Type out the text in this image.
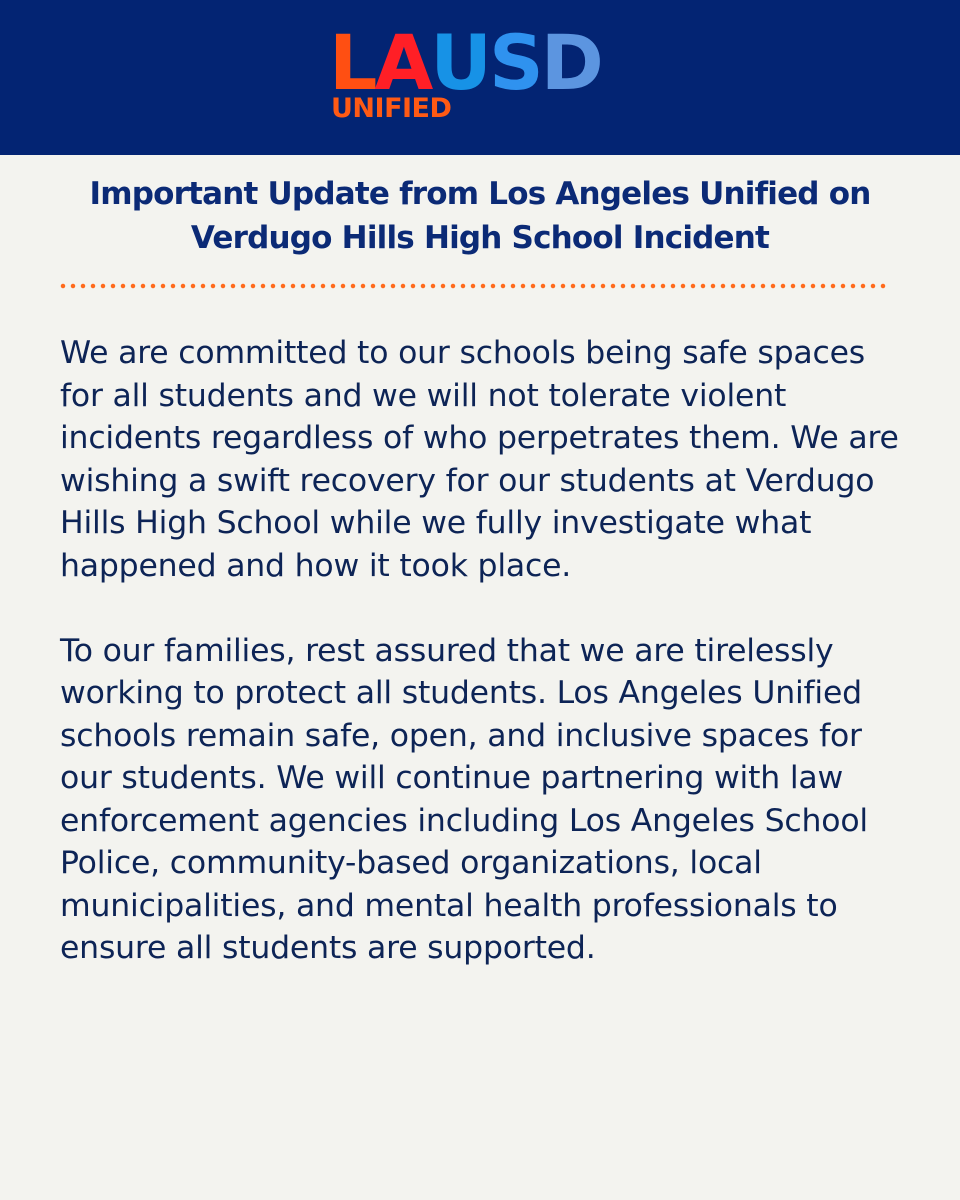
LAUSD
UNIFIED
Important Update from Los Angeles Unified on Verdugo Hills High School Incident

We are committed to our schools being safe spaces for all students and we will not tolerate violent incidents regardless of who perpetrates them. We are wishing a swift recovery for our students at Verdugo Hills High School while we fully investigate what happened and how it took place.

To our families, rest assured that we are tirelessly working to protect all students. Los Angeles Unified schools remain safe, open, and inclusive spaces for our students. We will continue partnering with law enforcement agencies including Los Angeles School Police, community-based organizations, local municipalities, and mental health professionals to ensure all students are supported.
